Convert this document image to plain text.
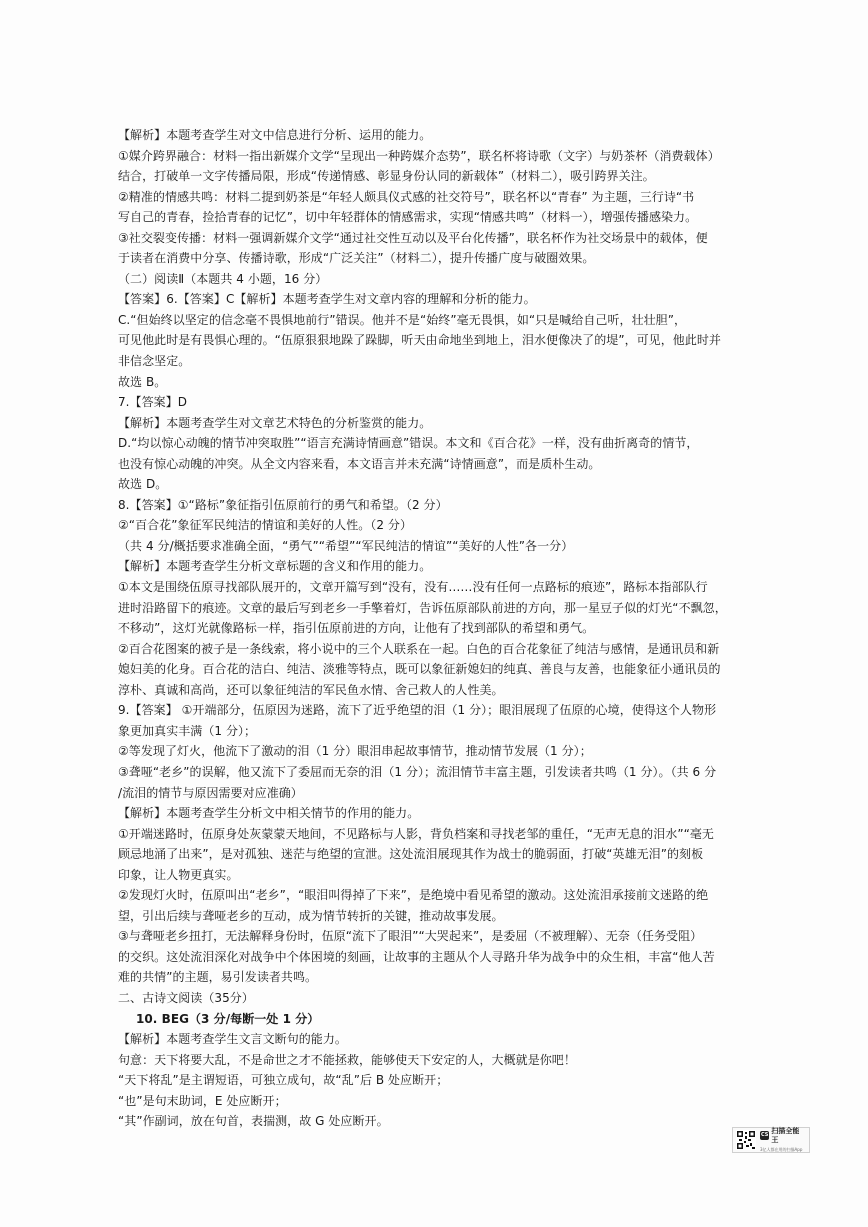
【解析】本题考查学生对文中信息进行分析、运用的能力。
①媒介跨界融合：材料一指出新媒介文学“呈现出一种跨媒介态势”，联名杯将诗歌（文字）与奶茶杯（消费载体）
结合，打破单一文字传播局限，形成“传递情感、彰显身份认同的新载体”（材料二），吸引跨界关注。
②精准的情感共鸣：材料二提到奶茶是“年轻人颇具仪式感的社交符号”，联名杯以“青春” 为主题，三行诗“书
写自己的青春，捡拾青春的记忆”，切中年轻群体的情感需求，实现“情感共鸣”（材料一），增强传播感染力。
③社交裂变传播：材料一强调新媒介文学“通过社交性互动以及平台化传播”，联名杯作为社交场景中的载体，便
于读者在消费中分享、传播诗歌，形成“广泛关注”（材料二），提升传播广度与破圈效果。
（二）阅读Ⅱ（本题共 4 小题，16 分）
【答案】6.【答案】C【解析】本题考查学生对文章内容的理解和分析的能力。
C.“但始终以坚定的信念毫不畏惧地前行”错误。他并不是“始终”毫无畏惧，如“只是喊给自己听，壮壮胆”，
可见他此时是有畏惧心理的。“伍原狠狠地跺了跺脚，听天由命地坐到地上，泪水便像决了的堤”，可见，他此时并
非信念坚定。
故选 B。
7.【答案】D
【解析】本题考查学生对文章艺术特色的分析鉴赏的能力。
D.“均以惊心动魄的情节冲突取胜”“语言充满诗情画意”错误。本文和《百合花》一样，没有曲折离奇的情节，
也没有惊心动魄的冲突。从全文内容来看，本文语言并未充满“诗情画意”，而是质朴生动。
故选 D。
8.【答案】①“路标”象征指引伍原前行的勇气和希望。（2 分）
②“百合花”象征军民纯洁的情谊和美好的人性。（2 分）
（共 4 分/概括要求准确全面，“勇气”“希望”“军民纯洁的情谊”“美好的人性”各一分）
【解析】本题考查学生分析文章标题的含义和作用的能力。
①本文是围绕伍原寻找部队展开的，文章开篇写到“没有，没有……没有任何一点路标的痕迹”，路标本指部队行
进时沿路留下的痕迹。文章的最后写到老乡一手擎着灯，告诉伍原部队前进的方向，那一星豆子似的灯光“不飘忽，
不移动”，这灯光就像路标一样，指引伍原前进的方向，让他有了找到部队的希望和勇气。
②百合花图案的被子是一条线索，将小说中的三个人联系在一起。白色的百合花象征了纯洁与感情，是通讯员和新
媳妇美的化身。百合花的洁白、纯洁、淡雅等特点，既可以象征新媳妇的纯真、善良与友善，也能象征小通讯员的
淳朴、真诚和高尚，还可以象征纯洁的军民鱼水情、舍己救人的人性美。
9.【答案】 ①开端部分，伍原因为迷路，流下了近乎绝望的泪（1 分）；眼泪展现了伍原的心境，使得这个人物形
象更加真实丰满（1 分）；
②等发现了灯火，他流下了激动的泪（1 分）眼泪串起故事情节，推动情节发展（1 分）；
③聋哑“老乡”的误解，他又流下了委屈而无奈的泪（1 分）；流泪情节丰富主题，引发读者共鸣（1 分）。（共 6 分
/流泪的情节与原因需要对应准确）
【解析】本题考查学生分析文中相关情节的作用的能力。
①开端迷路时，伍原身处灰蒙蒙天地间，不见路标与人影，背负档案和寻找老邹的重任，“无声无息的泪水”“毫无
顾忌地涌了出来”，是对孤独、迷茫与绝望的宣泄。这处流泪展现其作为战士的脆弱面，打破“英雄无泪”的刻板
印象，让人物更真实。
②发现灯火时，伍原叫出“老乡”，“眼泪叫得掉了下来”，是绝境中看见希望的激动。这处流泪承接前文迷路的绝
望，引出后续与聋哑老乡的互动，成为情节转折的关键，推动故事发展。
③与聋哑老乡扭打，无法解释身份时，伍原“流下了眼泪”“大哭起来”，是委屈（不被理解）、无奈（任务受阻）
的交织。这处流泪深化对战争中个体困境的刻画，让故事的主题从个人寻路升华为战争中的众生相，丰富“他人苦
难的共情”的主题，易引发读者共鸣。
二、古诗文阅读（35分）
10. BEG（3 分/每断一处 1 分）
【解析】本题考查学生文言文断句的能力。
句意：天下将要大乱，不是命世之才不能拯救，能够使天下安定的人，大概就是你吧！
“天下将乱”是主谓短语，可独立成句，故“乱”后 B 处应断开；
“也”是句末助词，E 处应断开；
“其”作副词，放在句首，表揣测，故 G 处应断开。
CS
扫描全能王
3亿人都在用的扫描App
